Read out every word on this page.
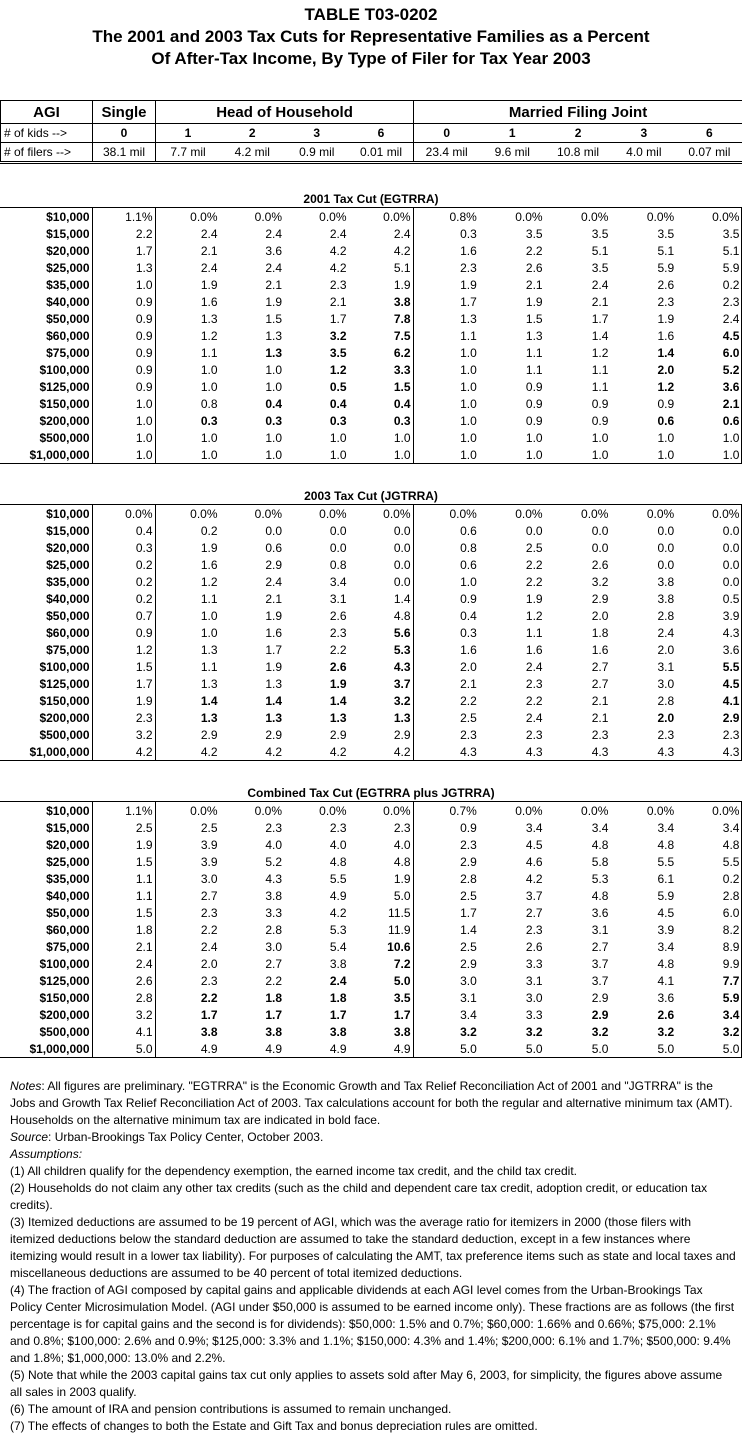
TABLE T03-0202
The 2001 and 2003 Tax Cuts for Representative Families as a Percent
Of After-Tax Income, By Type of Filer for Tax Year 2003
AGI	Single	Head of Household				Married Filing Joint				
# of kids -->	0	1	2	3	6	0	1	2	3	6
# of filers -->	38.1 mil	7.7 mil	4.2 mil	0.9 mil	0.01 mil	23.4 mil	9.6 mil	10.8 mil	4.0 mil	0.07 mil
2001 Tax Cut (EGTRRA)
$10,000	1.1%	0.0%	0.0%	0.0%	0.0%	0.8%	0.0%	0.0%	0.0%	0.0%
$15,000	2.2	2.4	2.4	2.4	2.4	0.3	3.5	3.5	3.5	3.5
$20,000	1.7	2.1	3.6	4.2	4.2	1.6	2.2	5.1	5.1	5.1
$25,000	1.3	2.4	2.4	4.2	5.1	2.3	2.6	3.5	5.9	5.9
$35,000	1.0	1.9	2.1	2.3	1.9	1.9	2.1	2.4	2.6	0.2
$40,000	0.9	1.6	1.9	2.1	3.8	1.7	1.9	2.1	2.3	2.3
$50,000	0.9	1.3	1.5	1.7	7.8	1.3	1.5	1.7	1.9	2.4
$60,000	0.9	1.2	1.3	3.2	7.5	1.1	1.3	1.4	1.6	4.5
$75,000	0.9	1.1	1.3	3.5	6.2	1.0	1.1	1.2	1.4	6.0
$100,000	0.9	1.0	1.0	1.2	3.3	1.0	1.1	1.1	2.0	5.2
$125,000	0.9	1.0	1.0	0.5	1.5	1.0	0.9	1.1	1.2	3.6
$150,000	1.0	0.8	0.4	0.4	0.4	1.0	0.9	0.9	0.9	2.1
$200,000	1.0	0.3	0.3	0.3	0.3	1.0	0.9	0.9	0.6	0.6
$500,000	1.0	1.0	1.0	1.0	1.0	1.0	1.0	1.0	1.0	1.0
$1,000,000	1.0	1.0	1.0	1.0	1.0	1.0	1.0	1.0	1.0	1.0
2003 Tax Cut (JGTRRA)
$10,000	0.0%	0.0%	0.0%	0.0%	0.0%	0.0%	0.0%	0.0%	0.0%	0.0%
$15,000	0.4	0.2	0.0	0.0	0.0	0.6	0.0	0.0	0.0	0.0
$20,000	0.3	1.9	0.6	0.0	0.0	0.8	2.5	0.0	0.0	0.0
$25,000	0.2	1.6	2.9	0.8	0.0	0.6	2.2	2.6	0.0	0.0
$35,000	0.2	1.2	2.4	3.4	0.0	1.0	2.2	3.2	3.8	0.0
$40,000	0.2	1.1	2.1	3.1	1.4	0.9	1.9	2.9	3.8	0.5
$50,000	0.7	1.0	1.9	2.6	4.8	0.4	1.2	2.0	2.8	3.9
$60,000	0.9	1.0	1.6	2.3	5.6	0.3	1.1	1.8	2.4	4.3
$75,000	1.2	1.3	1.7	2.2	5.3	1.6	1.6	1.6	2.0	3.6
$100,000	1.5	1.1	1.9	2.6	4.3	2.0	2.4	2.7	3.1	5.5
$125,000	1.7	1.3	1.3	1.9	3.7	2.1	2.3	2.7	3.0	4.5
$150,000	1.9	1.4	1.4	1.4	3.2	2.2	2.2	2.1	2.8	4.1
$200,000	2.3	1.3	1.3	1.3	1.3	2.5	2.4	2.1	2.0	2.9
$500,000	3.2	2.9	2.9	2.9	2.9	2.3	2.3	2.3	2.3	2.3
$1,000,000	4.2	4.2	4.2	4.2	4.2	4.3	4.3	4.3	4.3	4.3
Combined Tax Cut (EGTRRA plus JGTRRA)
$10,000	1.1%	0.0%	0.0%	0.0%	0.0%	0.7%	0.0%	0.0%	0.0%	0.0%
$15,000	2.5	2.5	2.3	2.3	2.3	0.9	3.4	3.4	3.4	3.4
$20,000	1.9	3.9	4.0	4.0	4.0	2.3	4.5	4.8	4.8	4.8
$25,000	1.5	3.9	5.2	4.8	4.8	2.9	4.6	5.8	5.5	5.5
$35,000	1.1	3.0	4.3	5.5	1.9	2.8	4.2	5.3	6.1	0.2
$40,000	1.1	2.7	3.8	4.9	5.0	2.5	3.7	4.8	5.9	2.8
$50,000	1.5	2.3	3.3	4.2	11.5	1.7	2.7	3.6	4.5	6.0
$60,000	1.8	2.2	2.8	5.3	11.9	1.4	2.3	3.1	3.9	8.2
$75,000	2.1	2.4	3.0	5.4	10.6	2.5	2.6	2.7	3.4	8.9
$100,000	2.4	2.0	2.7	3.8	7.2	2.9	3.3	3.7	4.8	9.9
$125,000	2.6	2.3	2.2	2.4	5.0	3.0	3.1	3.7	4.1	7.7
$150,000	2.8	2.2	1.8	1.8	3.5	3.1	3.0	2.9	3.6	5.9
$200,000	3.2	1.7	1.7	1.7	1.7	3.4	3.3	2.9	2.6	3.4
$500,000	4.1	3.8	3.8	3.8	3.8	3.2	3.2	3.2	3.2	3.2
$1,000,000	5.0	4.9	4.9	4.9	4.9	5.0	5.0	5.0	5.0	5.0

Notes: All figures are preliminary. "EGTRRA" is the Economic Growth and Tax Relief Reconciliation Act of 2001 and "JGTRRA" is the Jobs and Growth Tax Relief Reconciliation Act of 2003. Tax calculations account for both the regular and alternative minimum tax (AMT). Households on the alternative minimum tax are indicated in bold face.

Source: Urban-Brookings Tax Policy Center, October 2003.

Assumptions:

(1) All children qualify for the dependency exemption, the earned income tax credit, and the child tax credit.

(2) Households do not claim any other tax credits (such as the child and dependent care tax credit, adoption credit, or education tax credits).

(3) Itemized deductions are assumed to be 19 percent of AGI, which was the average ratio for itemizers in 2000 (those filers with itemized deductions below the standard deduction are assumed to take the standard deduction, except in a few instances where itemizing would result in a lower tax liability). For purposes of calculating the AMT, tax preference items such as state and local taxes and miscellaneous deductions are assumed to be 40 percent of total itemized deductions.

(4) The fraction of AGI composed by capital gains and applicable dividends at each AGI level comes from the Urban-Brookings Tax Policy Center Microsimulation Model. (AGI under $50,000 is assumed to be earned income only). These fractions are as follows (the first percentage is for capital gains and the second is for dividends): $50,000: 1.5% and 0.7%; $60,000: 1.66% and 0.66%; $75,000: 2.1% and 0.8%; $100,000: 2.6% and 0.9%; $125,000: 3.3% and 1.1%; $150,000: 4.3% and 1.4%; $200,000: 6.1% and 1.7%; $500,000: 9.4% and 1.8%; $1,000,000: 13.0% and 2.2%.

(5) Note that while the 2003 capital gains tax cut only applies to assets sold after May 6, 2003, for simplicity, the figures above assume all sales in 2003 qualify.

(6) The amount of IRA and pension contributions is assumed to remain unchanged.

(7) The effects of changes to both the Estate and Gift Tax and bonus depreciation rules are omitted.
